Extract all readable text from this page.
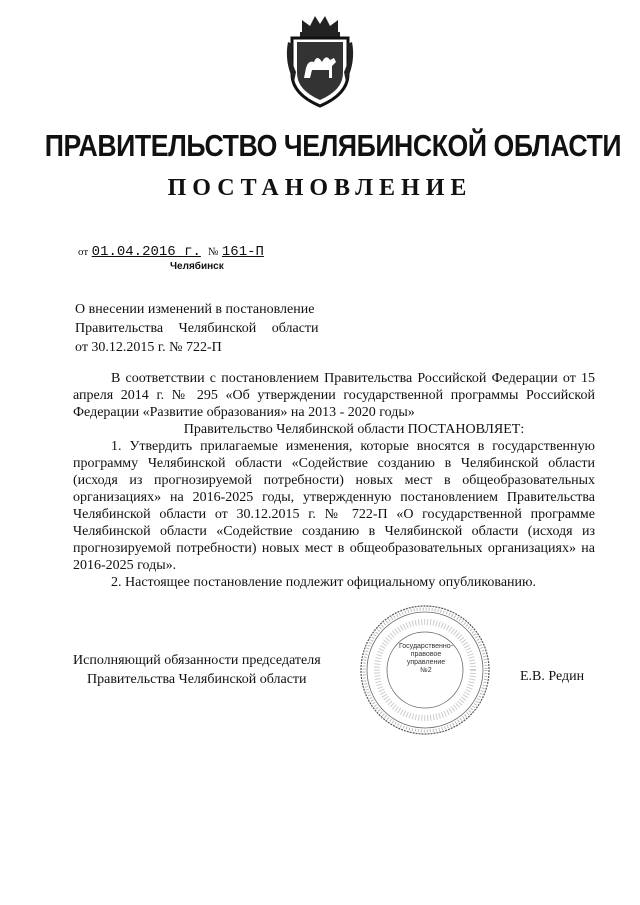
ПРАВИТЕЛЬСТВО ЧЕЛЯБИНСКОЙ ОБЛАСТИ
ПОСТАНОВЛЕНИЕ
от 01.04.2016 г. № 161-П
Челябинск
О внесении изменений в постановление
Правительства Челябинской области
от 30.12.2015 г. № 722-П

В соответствии с постановлением Правительства Российской Федерации от 15 апреля 2014 г. № 295 «Об утверждении государственной программы Российской Федерации «Развитие образования» на 2013 - 2020 годы»

Правительство Челябинской области ПОСТАНОВЛЯЕТ:

1. Утвердить прилагаемые изменения, которые вносятся в государственную программу Челябинской области «Содействие созданию в Челябинской области (исходя из прогнозируемой потребности) новых мест в общеобразовательных организациях» на 2016-2025 годы, утвержденную постановлением Правительства Челябинской области от 30.12.2015 г. № 722-П «О государственной программе Челябинской области «Содействие созданию в Челябинской области (исходя из прогнозируемой потребности) новых мест в общеобразовательных организациях» на 2016-2025 годы».

2. Настоящее постановление подлежит официальному опубликованию.

Исполняющий обязанности председателя
Правительства Челябинской области	Е.В. Редин
Государственно-
правовое
управление
№2
